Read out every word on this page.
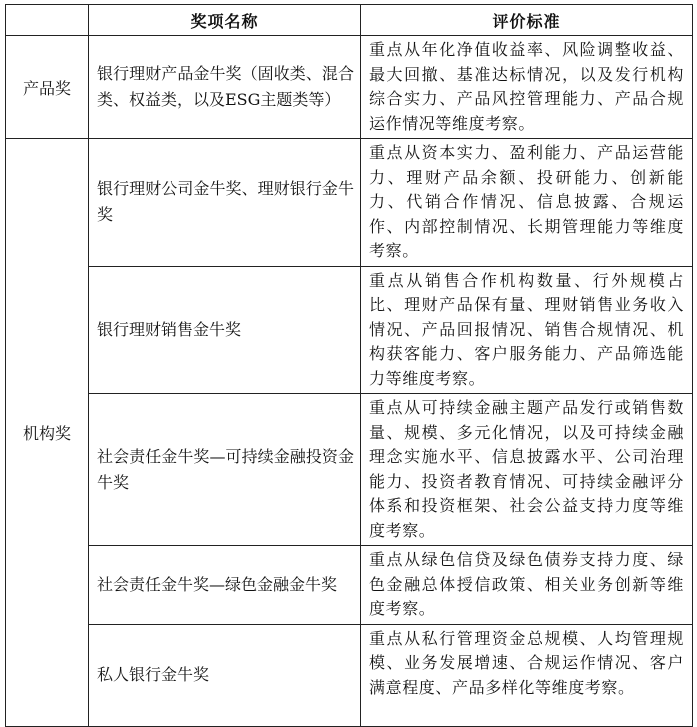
	奖项名称	评价标准
产品奖	银行理财产品金牛奖（固收类、混合类、权益类，以及ESG主题类等）	重点从年化净值收益率、风险调整收益、最大回撤、基准达标情况，以及发行机构综合实力、产品风控管理能力、产品合规运作情况等维度考察。
机构奖	银行理财公司金牛奖、理财银行金牛奖	重点从资本实力、盈利能力、产品运营能力、理财产品余额、投研能力、创新能力、代销合作情况、信息披露、合规运作、内部控制情况、长期管理能力等维度考察。
	银行理财销售金牛奖	重点从销售合作机构数量、行外规模占比、理财产品保有量、理财销售业务收入情况、产品回报情况、销售合规情况、机构获客能力、客户服务能力、产品筛选能力等维度考察。
	社会责任金牛奖—可持续金融投资金牛奖	重点从可持续金融主题产品发行或销售数量、规模、多元化情况，以及可持续金融理念实施水平、信息披露水平、公司治理能力、投资者教育情况、可持续金融评分体系和投资框架、社会公益支持力度等维度考察。
	社会责任金牛奖—绿色金融金牛奖	重点从绿色信贷及绿色债券支持力度、绿色金融总体授信政策、相关业务创新等维度考察。
	私人银行金牛奖	重点从私行管理资金总规模、人均管理规模、业务发展增速、合规运作情况、客户满意程度、产品多样化等维度考察。
